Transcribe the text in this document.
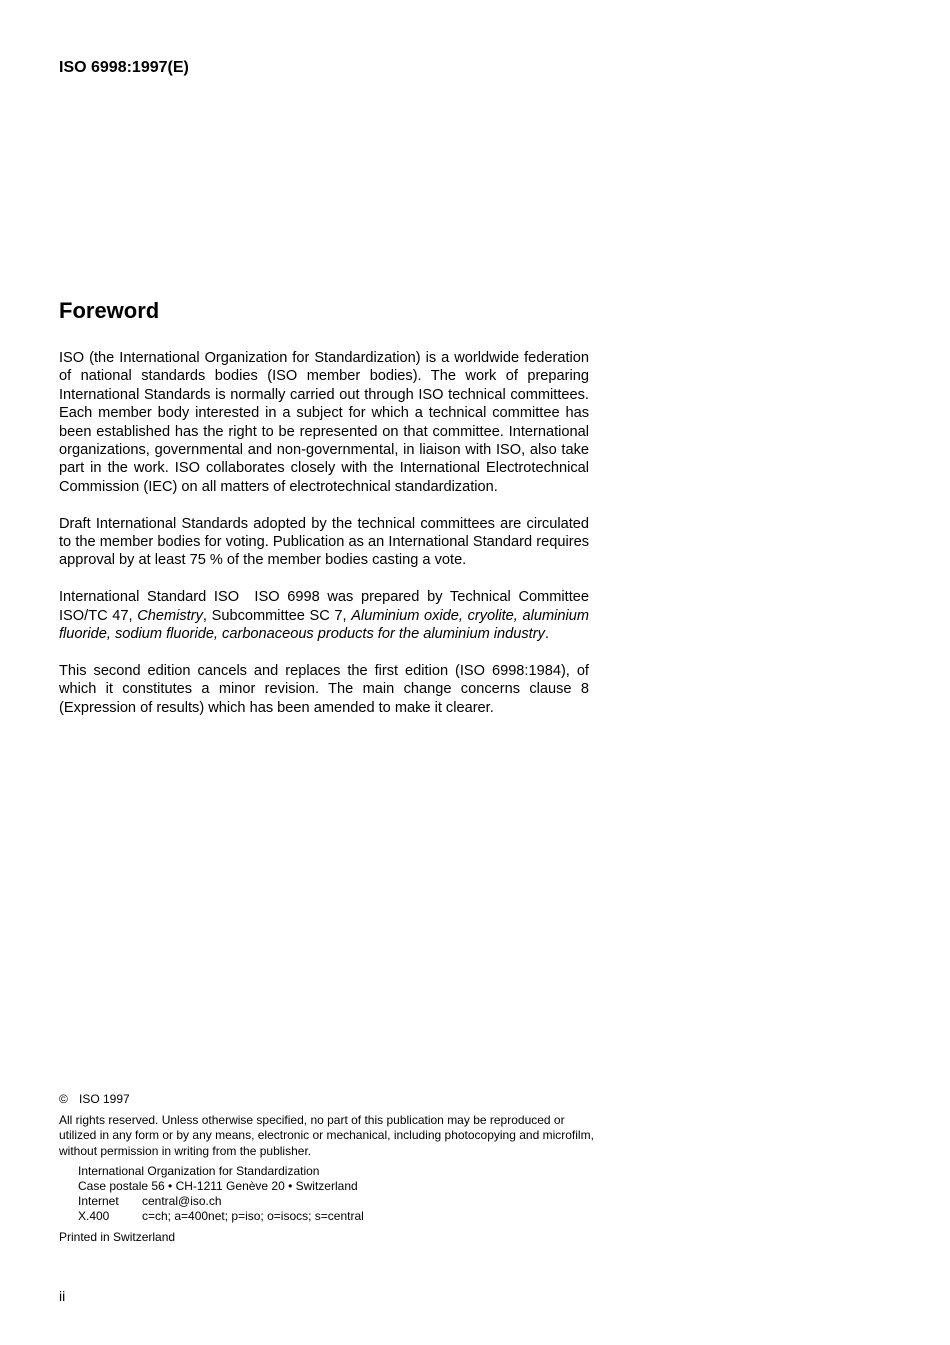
ISO 6998:1997(E)
Foreword

ISO (the International Organization for Standardization) is a worldwide federation of national standards bodies (ISO member bodies). The work of preparing International Standards is normally carried out through ISO technical committees. Each member body interested in a subject for which a technical committee has been established has the right to be represented on that committee. International organizations, governmental and non-governmental, in liaison with ISO, also take part in the work. ISO collaborates closely with the International Electrotechnical Commission (IEC) on all matters of electrotechnical standardization.

Draft International Standards adopted by the technical committees are circulated to the member bodies for voting. Publication as an International Standard requires approval by at least 75 % of the member bodies casting a vote.

International Standard ISO  ISO 6998 was prepared by Technical Committee ISO/TC 47, Chemistry, Subcommittee SC 7, Aluminium oxide, cryolite, aluminium fluoride, sodium fluoride, carbonaceous products for the aluminium industry.

This second edition cancels and replaces the first edition (ISO 6998:1984), of which it constitutes a minor revision. The main change concerns clause 8 (Expression of results) which has been amended to make it clearer.

© ISO 1997
All rights reserved. Unless otherwise specified, no part of this publication may be reproduced or utilized in any form or by any means, electronic or mechanical, including photocopying and microfilm, without permission in writing from the publisher.
International Organization for Standardization
Case postale 56 • CH-1211 Genève 20 • Switzerland
Internet central@iso.ch
X.400	c=ch; a=400net; p=iso; o=isocs; s=central
Printed in Switzerland
ii
